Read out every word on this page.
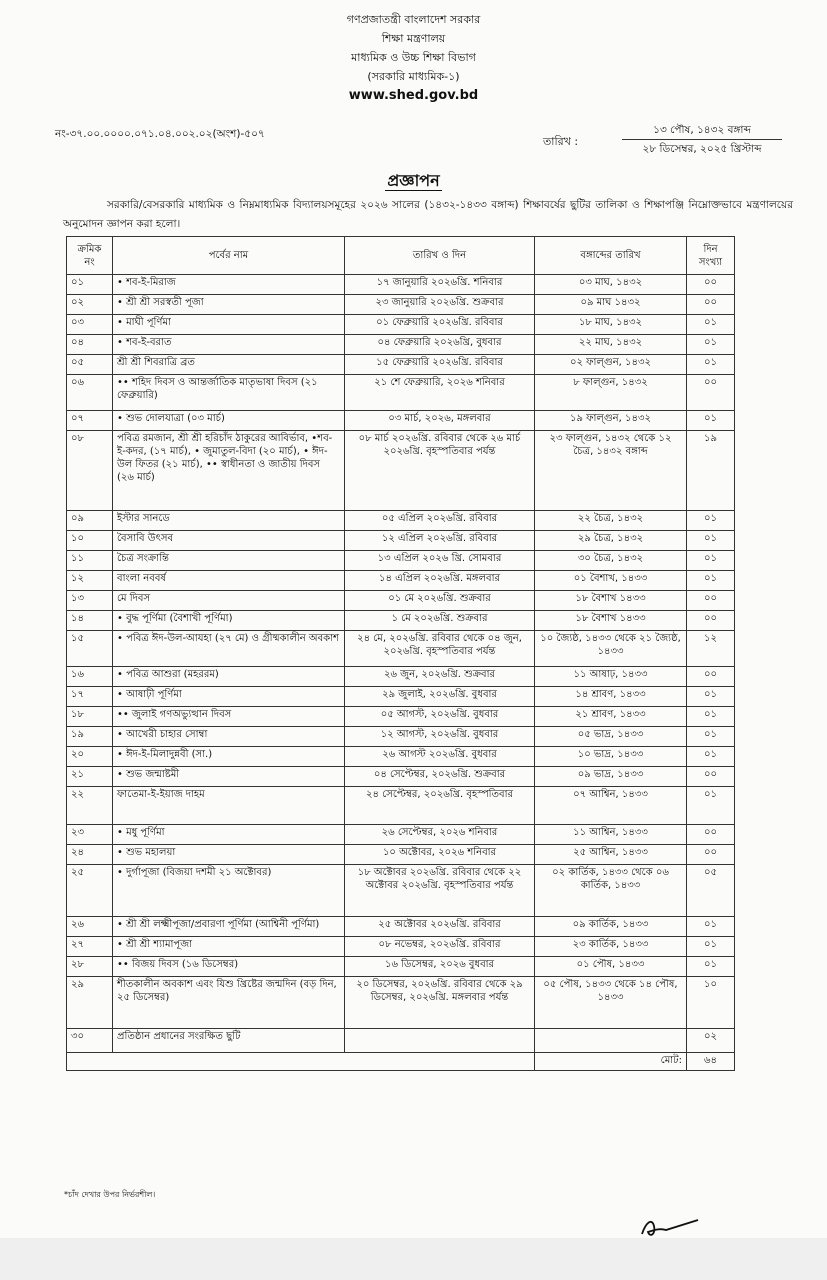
গণপ্রজাতন্ত্রী বাংলাদেশ সরকার
শিক্ষা মন্ত্রণালয়
মাধ্যমিক ও উচ্চ শিক্ষা বিভাগ
(সরকারি মাধ্যমিক-১)
www.shed.gov.bd
নং-৩৭.০০.০০০০.০৭১.০৪.০০২.০২(অংশ)-৫০৭
তারিখ :
১৩ পৌষ, ১৪৩২ বঙ্গাব্দ
২৮ ডিসেম্বর, ২০২৫ খ্রিস্টাব্দ
প্রজ্ঞাপন
সরকারি/বেসরকারি মাধ্যমিক ও নিম্নমাধ্যমিক বিদ্যালয়সমূহের ২০২৬ সালের (১৪৩২-১৪৩৩ বঙ্গাব্দ) শিক্ষাবর্ষের ছুটির তালিকা ও শিক্ষাপঞ্জি নিম্নোক্তভাবে মন্ত্রণালয়ের অনুমোদন জ্ঞাপন করা হলো।
ক্রমিক নং	পর্বের নাম	তারিখ ও দিন	বঙ্গাব্দের তারিখ	দিন সংখ্যা
০১	• শব-ই-মিরাজ	১৭ জানুয়ারি ২০২৬খ্রি. শনিবার	০৩ মাঘ, ১৪৩২	০০
০২	• শ্রী শ্রী সরস্বতী পূজা	২৩ জানুয়ারি ২০২৬খ্রি. শুক্রবার	০৯ মাঘ ১৪৩২	০০
০৩	• মাঘী পূর্ণিমা	০১ ফেব্রুয়ারি ২০২৬খ্রি. রবিবার	১৮ মাঘ, ১৪৩২	০১
০৪	• শব-ই-বরাত	০৪ ফেব্রুয়ারি ২০২৬খ্রি, বুধবার	২২ মাঘ, ১৪৩২	০১
০৫	শ্রী শ্রী শিবরাত্রি ব্রত	১৫ ফেব্রুয়ারি ২০২৬খ্রি. রবিবার	০২ ফাল্গুন, ১৪৩২	০১
০৬	•• শহিদ দিবস ও আন্তর্জাতিক মাতৃভাষা দিবস (২১ ফেব্রুয়ারি)	২১ শে ফেব্রুয়ারি, ২০২৬ শনিবার	৮ ফাল্গুন, ১৪৩২	০০
০৭	• শুভ দোলযাত্রা (০৩ মার্চ)	০৩ মার্চ, ২০২৬, মঙ্গলবার	১৯ ফাল্গুন, ১৪৩২	০১
০৮	পবিত্র রমজান, শ্রী শ্রী হরিচাঁদ ঠাকুরের আবির্ভাব, •শব-ই-কদর, (১৭ মার্চ), • জুমাতুল-বিদা (২০ মার্চ), • ঈদ-উল ফিতর (২১ মার্চ), •• স্বাধীনতা ও জাতীয় দিবস (২৬ মার্চ)	০৮ মার্চ ২০২৬খ্রি. রবিবার থেকে ২৬ মার্চ ২০২৬খ্রি. বৃহস্পতিবার পর্যন্ত	২৩ ফাল্গুন, ১৪৩২ থেকে ১২ চৈত্র, ১৪৩২ বঙ্গাব্দ	১৯
০৯	ইস্টার সানডে	০৫ এপ্রিল ২০২৬খ্রি. রবিবার	২২ চৈত্র, ১৪৩২	০১
১০	বৈসাবি উৎসব	১২ এপ্রিল ২০২৬খ্রি. রবিবার	২৯ চৈত্র, ১৪৩২	০১
১১	চৈত্র সংক্রান্তি	১৩ এপ্রিল ২০২৬ খ্রি. সোমবার	৩০ চৈত্র, ১৪৩২	০১
১২	বাংলা নববর্ষ	১৪ এপ্রিল ২০২৬খ্রি. মঙ্গলবার	০১ বৈশাখ, ১৪৩৩	০১
১৩	মে দিবস	০১ মে ২০২৬খ্রি. শুক্রবার	১৮ বৈশাখ ১৪৩৩	০০
১৪	• বুদ্ধ পূর্ণিমা (বৈশাখী পূর্ণিমা)	১ মে ২০২৬খ্রি. শুক্রবার	১৮ বৈশাখ ১৪৩৩	০০
১৫	• পবিত্র ঈদ-উল-আযহা (২৭ মে) ও গ্রীষ্মকালীন অবকাশ	২৪ মে, ২০২৬খ্রি. রবিবার থেকে ০৪ জুন, ২০২৬খ্রি. বৃহস্পতিবার পর্যন্ত	১০ জ্যৈষ্ঠ, ১৪৩৩ থেকে ২১ জ্যৈষ্ঠ, ১৪৩৩	১২
১৬	• পবিত্র আশুরা (মহররম)	২৬ জুন, ২০২৬খ্রি. শুক্রবার	১১ আষাঢ়, ১৪৩৩	০০
১৭	• আষাঢ়ী পূর্ণিমা	২৯ জুলাই, ২০২৬খ্রি. বুধবার	১৪ শ্রাবণ, ১৪৩৩	০১
১৮	•• জুলাই গণঅভ্যুত্থান দিবস	০৫ আগস্ট, ২০২৬খ্রি. বুধবার	২১ শ্রাবণ, ১৪৩৩	০১
১৯	• আখেরী চাহার সোম্বা	১২ আগস্ট, ২০২৬খ্রি. বুধবার	০৫ ভাদ্র, ১৪৩৩	০১
২০	• ঈদ-ই-মিলাদুন্নবী (সা.)	২৬ আগস্ট ২০২৬খ্রি. বুধবার	১০ ভাদ্র, ১৪৩৩	০১
২১	• শুভ জন্মাষ্টমী	০৪ সেপ্টেম্বর, ২০২৬খ্রি. শুক্রবার	০৯ ভাদ্র, ১৪৩৩	০০
২২	ফাতেমা-ই-ইয়াজ দাহম	২৪ সেপ্টেম্বর, ২০২৬খ্রি. বৃহস্পতিবার	০৭ আশ্বিন, ১৪৩৩	০১
২৩	• মধু পূর্ণিমা	২৬ সেপ্টেম্বর, ২০২৬ শনিবার	১১ আশ্বিন, ১৪৩৩	০০
২৪	• শুভ মহালয়া	১০ অক্টোবর, ২০২৬ শনিবার	২৫ আশ্বিন, ১৪৩৩	০০
২৫	• দুর্গাপূজা (বিজয়া দশমী ২১ অক্টোবর)	১৮ অক্টোবর ২০২৬খ্রি. রবিবার থেকে ২২ অক্টোবর ২০২৬খ্রি. বৃহস্পতিবার পর্যন্ত	০২ কার্তিক, ১৪৩৩ থেকে ০৬ কার্তিক, ১৪৩৩	০৫
২৬	• শ্রী শ্রী লক্ষ্মীপূজা/প্রবারণা পূর্ণিমা (আশ্বিনী পূর্ণিমা)	২৫ অক্টোবর ২০২৬খ্রি. রবিবার	০৯ কার্তিক, ১৪৩৩	০১
২৭	• শ্রী শ্রী শ্যামাপূজা	০৮ নভেম্বর, ২০২৬খ্রি. রবিবার	২৩ কার্তিক, ১৪৩৩	০১
২৮	•• বিজয় দিবস (১৬ ডিসেম্বর)	১৬ ডিসেম্বর, ২০২৬ বুধবার	০১ পৌষ, ১৪৩৩	০১
২৯	শীতকালীন অবকাশ এবং যিশু খ্রিষ্টের জন্মদিন (বড় দিন, ২৫ ডিসেম্বর)	২০ ডিসেম্বর, ২০২৬খ্রি. রবিবার থেকে ২৯ ডিসেম্বর, ২০২৬খ্রি. মঙ্গলবার পর্যন্ত	০৫ পৌষ, ১৪৩৩ থেকে ১৪ পৌষ, ১৪৩৩	১০
৩০	প্রতিষ্ঠান প্রধানের সংরক্ষিত ছুটি			০২
			মোট:	৬৪
*চাঁদ দেখার উপর নির্ভরশীল।
